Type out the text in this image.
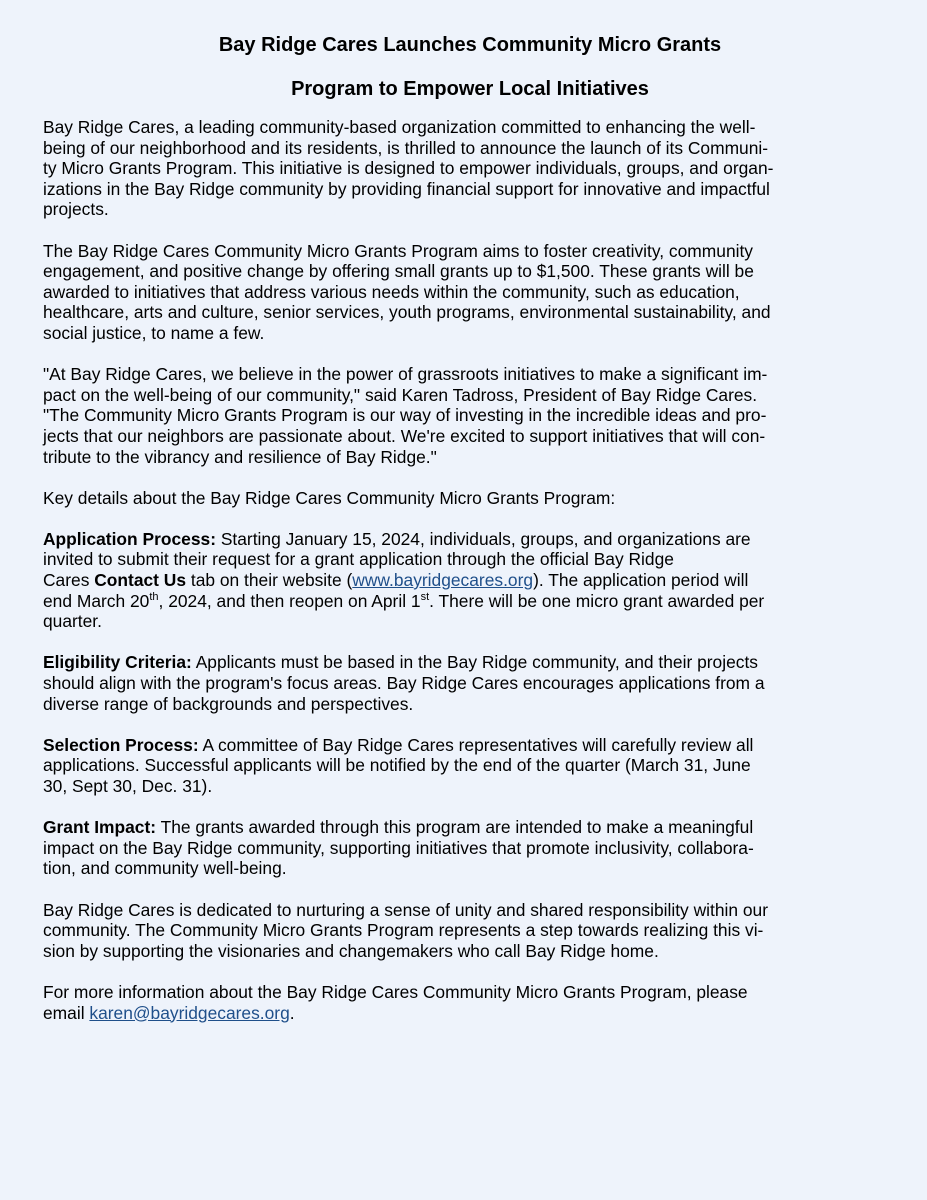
Bay Ridge Cares Launches Community Micro Grants
Program to Empower Local Initiatives

Bay Ridge Cares, a leading community-based organization committed to enhancing the well-
being of our neighborhood and its residents, is thrilled to announce the launch of its Communi-
ty Micro Grants Program. This initiative is designed to empower individuals, groups, and organ-
izations in the Bay Ridge community by providing financial support for innovative and impactful
projects.

The Bay Ridge Cares Community Micro Grants Program aims to foster creativity, community
engagement, and positive change by offering small grants up to $1,500. These grants will be
awarded to initiatives that address various needs within the community, such as education,
healthcare, arts and culture, senior services, youth programs, environmental sustainability, and
social justice, to name a few.

"At Bay Ridge Cares, we believe in the power of grassroots initiatives to make a significant im-
pact on the well-being of our community," said Karen Tadross, President of Bay Ridge Cares.
"The Community Micro Grants Program is our way of investing in the incredible ideas and pro-
jects that our neighbors are passionate about. We're excited to support initiatives that will con-
tribute to the vibrancy and resilience of Bay Ridge."

Key details about the Bay Ridge Cares Community Micro Grants Program:

Application Process: Starting January 15, 2024, individuals, groups, and organizations are
invited to submit their request for a grant application through the official Bay Ridge
Cares Contact Us tab on their website (www.bayridgecares.org). The application period will
end March 20th, 2024, and then reopen on April 1st. There will be one micro grant awarded per
quarter.

Eligibility Criteria: Applicants must be based in the Bay Ridge community, and their projects
should align with the program's focus areas. Bay Ridge Cares encourages applications from a
diverse range of backgrounds and perspectives.

Selection Process: A committee of Bay Ridge Cares representatives will carefully review all
applications. Successful applicants will be notified by the end of the quarter (March 31, June
30, Sept 30, Dec. 31).

Grant Impact: The grants awarded through this program are intended to make a meaningful
impact on the Bay Ridge community, supporting initiatives that promote inclusivity, collabora-
tion, and community well-being.

Bay Ridge Cares is dedicated to nurturing a sense of unity and shared responsibility within our
community. The Community Micro Grants Program represents a step towards realizing this vi-
sion by supporting the visionaries and changemakers who call Bay Ridge home.

For more information about the Bay Ridge Cares Community Micro Grants Program, please
email karen@bayridgecares.org.
